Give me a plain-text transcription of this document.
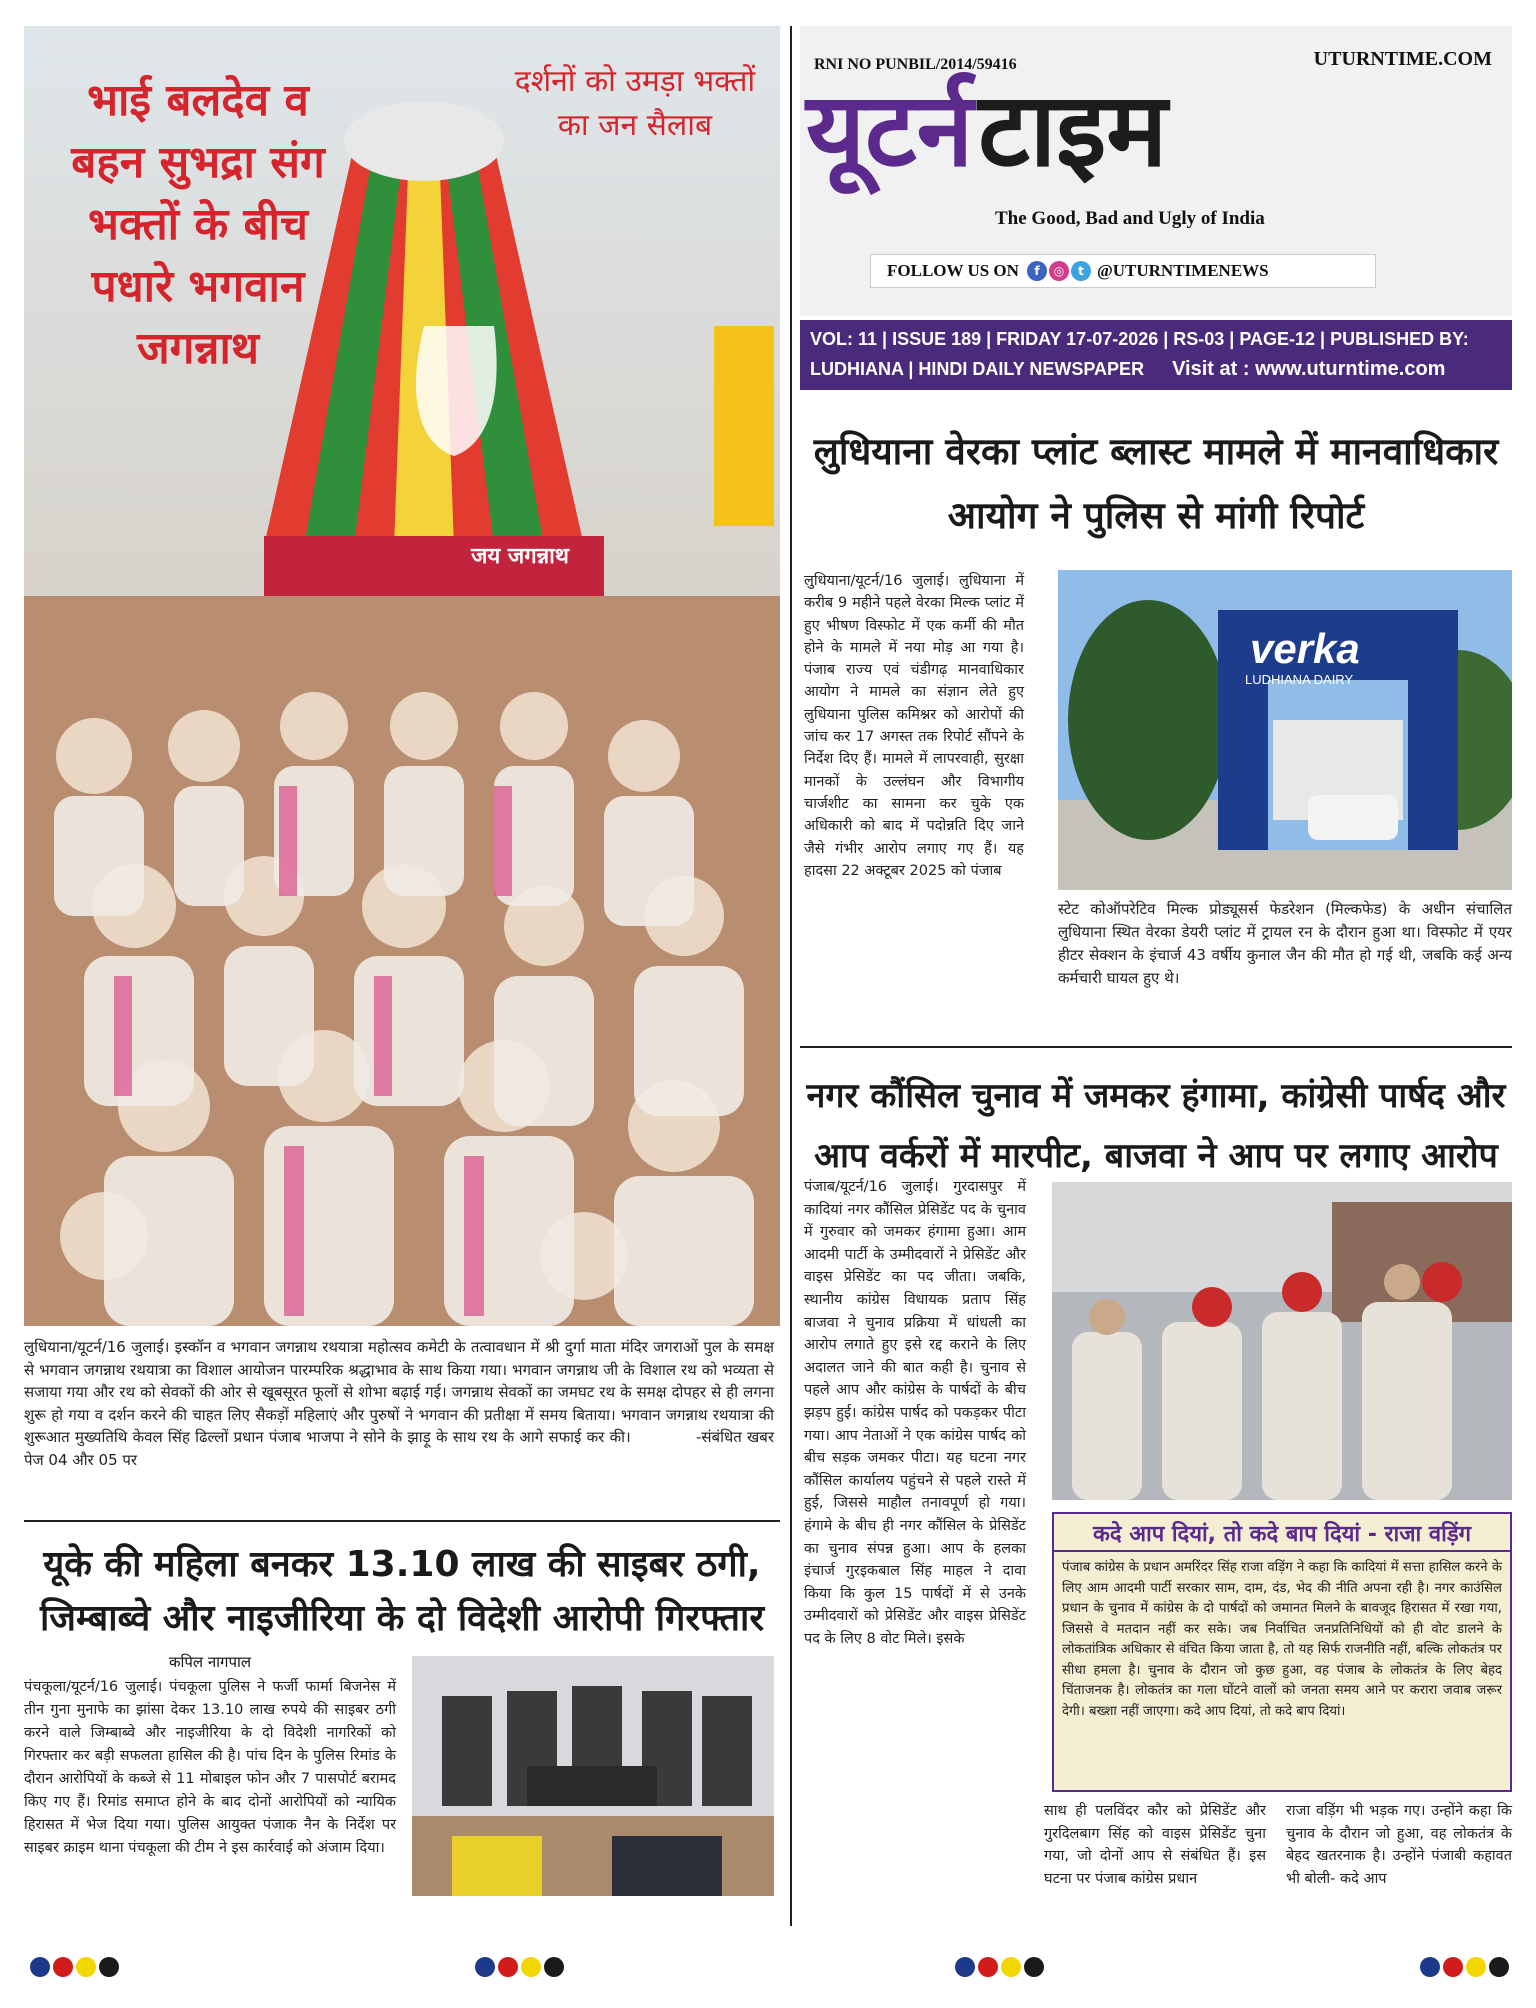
भाई बलदेव व बहन सुभद्रा संग भक्तों के बीच पधारे भगवान जगन्नाथ
दर्शनों को उमड़ा भक्तों का जन सैलाब
जय जगन्नाथ
लुधियाना/यूटर्न/16 जुलाई। इस्कॉन व भगवान जगन्नाथ रथयात्रा महोत्सव कमेटी के तत्वावधान में श्री दुर्गा माता मंदिर जगराओं पुल के समक्ष से भगवान जगन्नाथ रथयात्रा का विशाल आयोजन पारम्परिक श्रद्धाभाव के साथ किया गया। भगवान जगन्नाथ जी के विशाल रथ को भव्यता से सजाया गया और रथ को सेवकों की ओर से खूबसूरत फूलों से शोभा बढ़ाई गई। जगन्नाथ सेवकों का जमघट रथ के समक्ष दोपहर से ही लगना शुरू हो गया व दर्शन करने की चाहत लिए सैकड़ों महिलाएं और पुरुषों ने भगवान की प्रतीक्षा में समय बिताया। भगवान जगन्नाथ रथयात्रा की शुरूआत मुख्यतिथि केवल सिंह ढिल्लों प्रधान पंजाब भाजपा ने सोने के झाड़ू के साथ रथ के आगे सफाई कर की।	-संबंधित खबर पेज 04 और 05 पर
यूके की महिला बनकर 13.10 लाख की साइबर ठगी, जिम्बाब्वे और नाइजीरिया के दो विदेशी आरोपी गिरफ्तार
कपिल नागपाल
पंचकूला/यूटर्न/16 जुलाई। पंचकूला पुलिस ने फर्जी फार्मा बिजनेस में तीन गुना मुनाफे का झांसा देकर 13.10 लाख रुपये की साइबर ठगी करने वाले जिम्बाब्वे और नाइजीरिया के दो विदेशी नागरिकों को गिरफ्तार कर बड़ी सफलता हासिल की है। पांच दिन के पुलिस रिमांड के दौरान आरोपियों के कब्जे से 11 मोबाइल फोन और 7 पासपोर्ट बरामद किए गए हैं। रिमांड समाप्त होने के बाद दोनों आरोपियों को न्यायिक हिरासत में भेज दिया गया। पुलिस आयुक्त पंजाक नैन के निर्देश पर साइबर क्राइम थाना पंचकूला की टीम ने इस कार्रवाई को अंजाम दिया।
RNI NO PUNBIL/2014/59416	UTURNTIME.COM
यूटर्न टाइम
The Good, Bad and Ugly of India
FOLLOW US ON	f	◎	t @UTURNTIMENEWS
VOL: 11 | ISSUE 189 | FRIDAY 17-07-2026 | RS-03 | PAGE-12 | PUBLISHED BY:
LUDHIANA | HINDI DAILY NEWSPAPER Visit at : www.uturntime.com
लुधियाना वेरका प्लांट ब्लास्ट मामले में मानवाधिकार आयोग ने पुलिस से मांगी रिपोर्ट
लुधियाना/यूटर्न/16 जुलाई। लुधियाना में करीब 9 महीने पहले वेरका मिल्क प्लांट में हुए भीषण विस्फोट में एक कर्मी की मौत होने के मामले में नया मोड़ आ गया है। पंजाब राज्य एवं चंडीगढ़ मानवाधिकार आयोग ने मामले का संज्ञान लेते हुए लुधियाना पुलिस कमिश्नर को आरोपों की जांच कर 17 अगस्त तक रिपोर्ट सौंपने के निर्देश दिए हैं। मामले में लापरवाही, सुरक्षा मानकों के उल्लंघन और विभागीय चार्जशीट का सामना कर चुके एक अधिकारी को बाद में पदोन्नति दिए जाने जैसे गंभीर आरोप लगाए गए हैं। यह हादसा 22 अक्टूबर 2025 को पंजाब
verka
LUDHIANA DAIRY
स्टेट कोऑपरेटिव मिल्क प्रोड्यूसर्स फेडरेशन (मिल्कफेड) के अधीन संचालित लुधियाना स्थित वेरका डेयरी प्लांट में ट्रायल रन के दौरान हुआ था। विस्फोट में एयर हीटर सेक्शन के इंचार्ज 43 वर्षीय कुनाल जैन की मौत हो गई थी, जबकि कई अन्य कर्मचारी घायल हुए थे।
नगर कौंसिल चुनाव में जमकर हंगामा, कांग्रेसी पार्षद और आप वर्करों में मारपीट, बाजवा ने आप पर लगाए आरोप
पंजाब/यूटर्न/16 जुलाई। गुरदासपुर में कादियां नगर कौंसिल प्रेसिडेंट पद के चुनाव में गुरुवार को जमकर हंगामा हुआ। आम आदमी पार्टी के उम्मीदवारों ने प्रेसिडेंट और वाइस प्रेसिडेंट का पद जीता। जबकि, स्थानीय कांग्रेस विधायक प्रताप सिंह बाजवा ने चुनाव प्रक्रिया में धांधली का आरोप लगाते हुए इसे रद्द कराने के लिए अदालत जाने की बात कही है। चुनाव से पहले आप और कांग्रेस के पार्षदों के बीच झड़प हुई। कांग्रेस पार्षद को पकड़कर पीटा गया। आप नेताओं ने एक कांग्रेस पार्षद को बीच सड़क जमकर पीटा। यह घटना नगर कौंसिल कार्यालय पहुंचने से पहले रास्ते में हुई, जिससे माहौल तनावपूर्ण हो गया। हंगामे के बीच ही नगर कौंसिल के प्रेसिडेंट का चुनाव संपन्न हुआ। आप के हलका इंचार्ज गुरइकबाल सिंह माहल ने दावा किया कि कुल 15 पार्षदों में से उनके उम्मीदवारों को प्रेसिडेंट और वाइस प्रेसिडेंट पद के लिए 8 वोट मिले। इसके
कदे आप दियां, तो कदे बाप दियां - राजा वड़िंग
पंजाब कांग्रेस के प्रधान अमरिंदर सिंह राजा वड़िंग ने कहा कि कादियां में सत्ता हासिल करने के लिए आम आदमी पार्टी सरकार साम, दाम, दंड, भेद की नीति अपना रही है। नगर काउंसिल प्रधान के चुनाव में कांग्रेस के दो पार्षदों को जमानत मिलने के बावजूद हिरासत में रखा गया, जिससे वे मतदान नहीं कर सके। जब निर्वाचित जनप्रतिनिधियों को ही वोट डालने के लोकतांत्रिक अधिकार से वंचित किया जाता है, तो यह सिर्फ राजनीति नहीं, बल्कि लोकतंत्र पर सीधा हमला है। चुनाव के दौरान जो कुछ हुआ, वह पंजाब के लोकतंत्र के लिए बेहद चिंताजनक है। लोकतंत्र का गला घोंटने वालों को जनता समय आने पर करारा जवाब जरूर देगी। बख्शा नहीं जाएगा। कदे आप दियां, तो कदे बाप दियां।
साथ ही पलविंदर कौर को प्रेसिडेंट और गुरदिलबाग सिंह को वाइस प्रेसिडेंट चुना गया, जो दोनों आप से संबंधित हैं। इस घटना पर पंजाब कांग्रेस प्रधान
राजा वड़िंग भी भड़क गए। उन्होंने कहा कि चुनाव के दौरान जो हुआ, वह लोकतंत्र के बेहद खतरनाक है। उन्होंने पंजाबी कहावत भी बोली- कदे आप
